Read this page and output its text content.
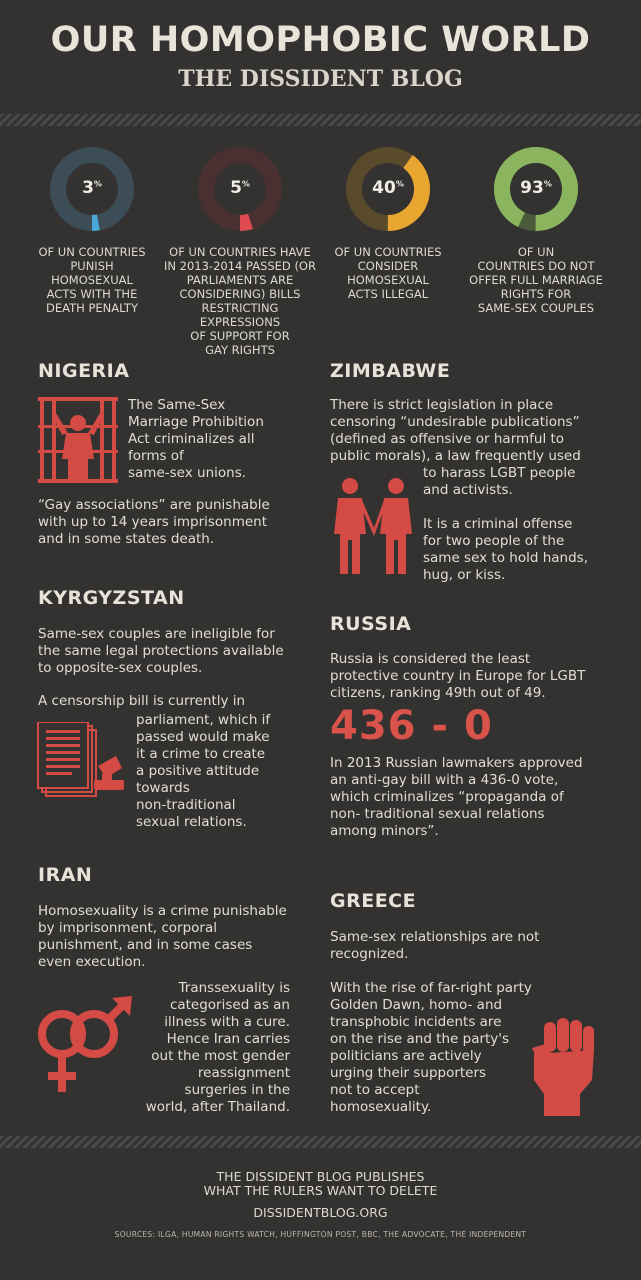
OUR HOMOPHOBIC WORLD
THE DISSIDENT BLOG
3%
OF UN COUNTRIES
PUNISH
HOMOSEXUAL
ACTS WITH THE
DEATH PENALTY
5%
OF UN COUNTRIES HAVE
IN 2013-2014 PASSED (OR
PARLIAMENTS ARE
CONSIDERING) BILLS
RESTRICTING EXPRESSIONS
OF SUPPORT FOR
GAY RIGHTS
40%
OF UN COUNTRIES
CONSIDER
HOMOSEXUAL
ACTS ILLEGAL
93%
OF UN
COUNTRIES DO NOT
OFFER FULL MARRIAGE
RIGHTS FOR
SAME-SEX COUPLES
NIGERIA
The Same-Sex
Marriage Prohibition
Act criminalizes all
forms of
same-sex unions.
“Gay associations” are punishable
with up to 14 years imprisonment
and in some states death.
ZIMBABWE
There is strict legislation in place
censoring “undesirable publications”
(defined as offensive or harmful to
public morals), a law frequently used
to harass LGBT people
and activists.
It is a criminal offense
for two people of the
same sex to hold hands,
hug, or kiss.
KYRGYZSTAN
Same-sex couples are ineligible for
the same legal protections available
to opposite-sex couples.
A censorship bill is currently in
parliament, which if
passed would make
it a crime to create
a positive attitude
towards
non-traditional
sexual relations.
RUSSIA
Russia is considered the least
protective country in Europe for LGBT
citizens, ranking 49th out of 49.
436 - 0
In 2013 Russian lawmakers approved
an anti-gay bill with a 436-0 vote,
which criminalizes “propaganda of
non- traditional sexual relations
among minors”.
IRAN
Homosexuality is a crime punishable
by imprisonment, corporal
punishment, and in some cases
even execution.
Transsexuality is
categorised as an
illness with a cure.
Hence Iran carries
out the most gender
reassignment
surgeries in the
world, after Thailand.
GREECE
Same-sex relationships are not
recognized.
With the rise of far-right party
Golden Dawn, homo- and
transphobic incidents are
on the rise and the party's
politicians are actively
urging their supporters
not to accept
homosexuality.
THE DISSIDENT BLOG PUBLISHES
WHAT THE RULERS WANT TO DELETE
DISSIDENTBLOG.ORG
SOURCES: ILGA, HUMAN RIGHTS WATCH, HUFFINGTON POST, BBC, THE ADVOCATE, THE INDEPENDENT
